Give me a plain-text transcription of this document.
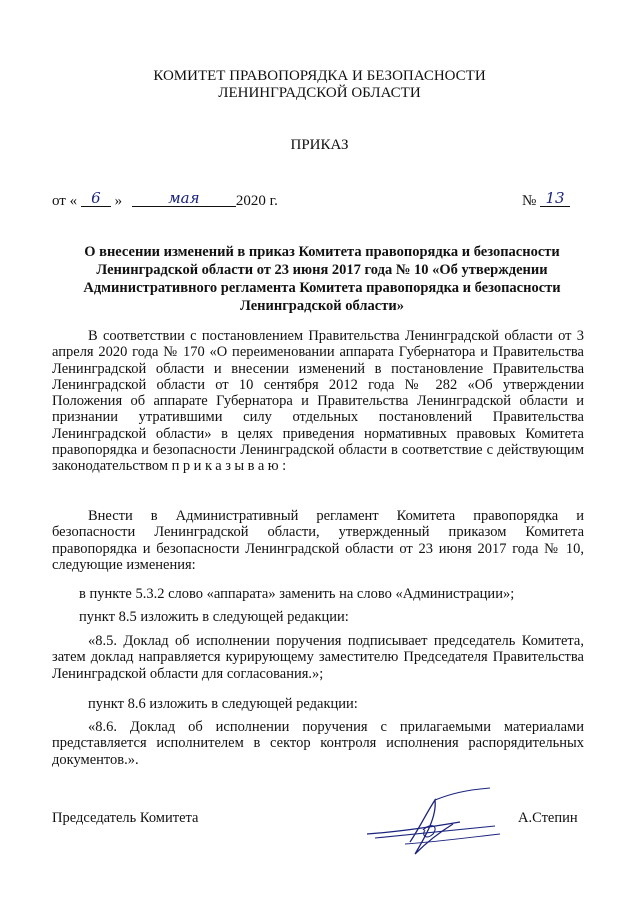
КОМИТЕТ ПРАВОПОРЯДКА И БЕЗОПАСНОСТИ
ЛЕНИНГРАДСКОЙ ОБЛАСТИ
ПРИКАЗ
от « 6 »	мая 2020 г.	№ 13
О внесении изменений в приказ Комитета правопорядка и безопасности Ленинградской области от 23 июня 2017 года № 10 «Об утверждении Административного регламента Комитета правопорядка и безопасности Ленинградской области»
В соответствии с постановлением Правительства Ленинградской области от 3 апреля 2020 года № 170 «О переименовании аппарата Губернатора и Правительства Ленинградской области и внесении изменений в постановление Правительства Ленинградской области от 10 сентября 2012 года № 282 «Об утверждении Положения об аппарате Губернатора и Правительства Ленинградской области и признании утратившими силу отдельных постановлений Правительства Ленинградской области» в целях приведения нормативных правовых Комитета правопорядка и безопасности Ленинградской области в соответствие с действующим законодательством приказываю:
Внести в Административный регламент Комитета правопорядка и безопасности Ленинградской области, утвержденный приказом Комитета правопорядка и безопасности Ленинградской области от 23 июня 2017 года № 10, следующие изменения:
в пункте 5.3.2 слово «аппарата» заменить на слово «Администрации»;
пункт 8.5 изложить в следующей редакции:
«8.5. Доклад об исполнении поручения подписывает председатель Комитета, затем доклад направляется курирующему заместителю Председателя Правительства Ленинградской области для согласования.»;
пункт 8.6 изложить в следующей редакции:
«8.6. Доклад об исполнении поручения с прилагаемыми материалами представляется исполнителем в сектор контроля исполнения распорядительных документов.».
Председатель Комитета	А.Степин
